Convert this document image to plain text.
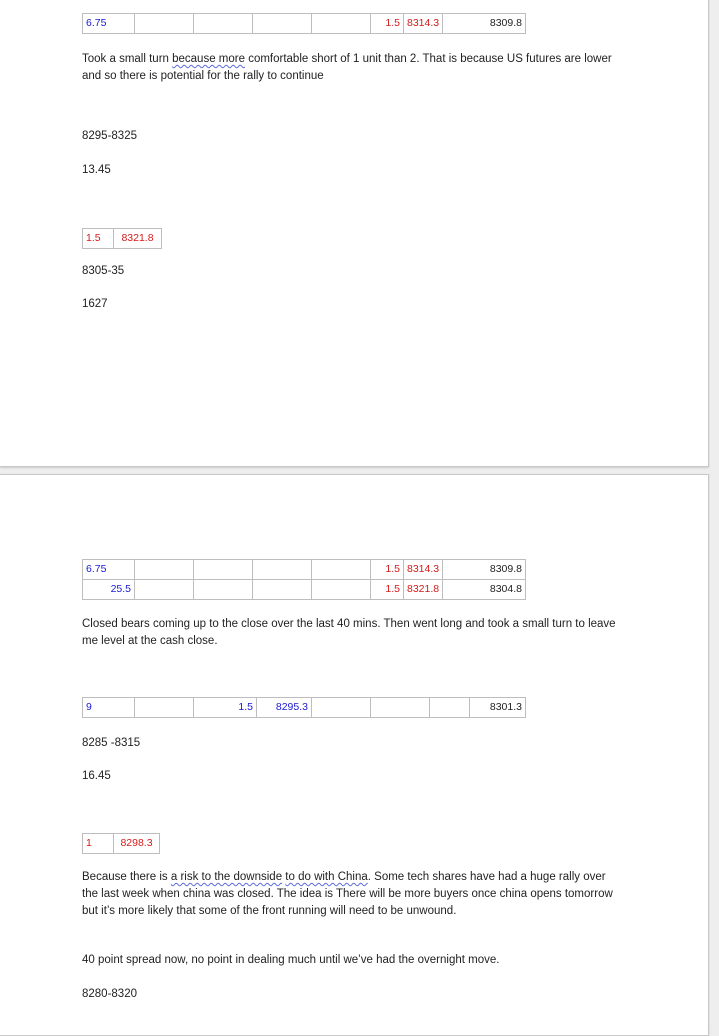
6.75					1.5	8314.3	8309.8
Took a small turn because more comfortable short of 1 unit than 2. That is because US futures are lower and so there is potential for the rally to continue
8295-8325
13.45
1.5	8321.8
8305-35
1627
6.75					1.5	8314.3	8309.8
25.5					1.5	8321.8	8304.8
Closed bears coming up to the close over the last 40 mins. Then went long and took a small turn to leave me level at the cash close.
9		1.5	8295.3				8301.3
8285 -8315
16.45
1	8298.3
Because there is a risk to the downside to do with China. Some tech shares have had a huge rally over the last week when china was closed. The idea is There will be more buyers once china opens tomorrow but it’s more likely that some of the front running will need to be unwound.
40 point spread now, no point in dealing much until we’ve had the overnight move.
8280-8320
